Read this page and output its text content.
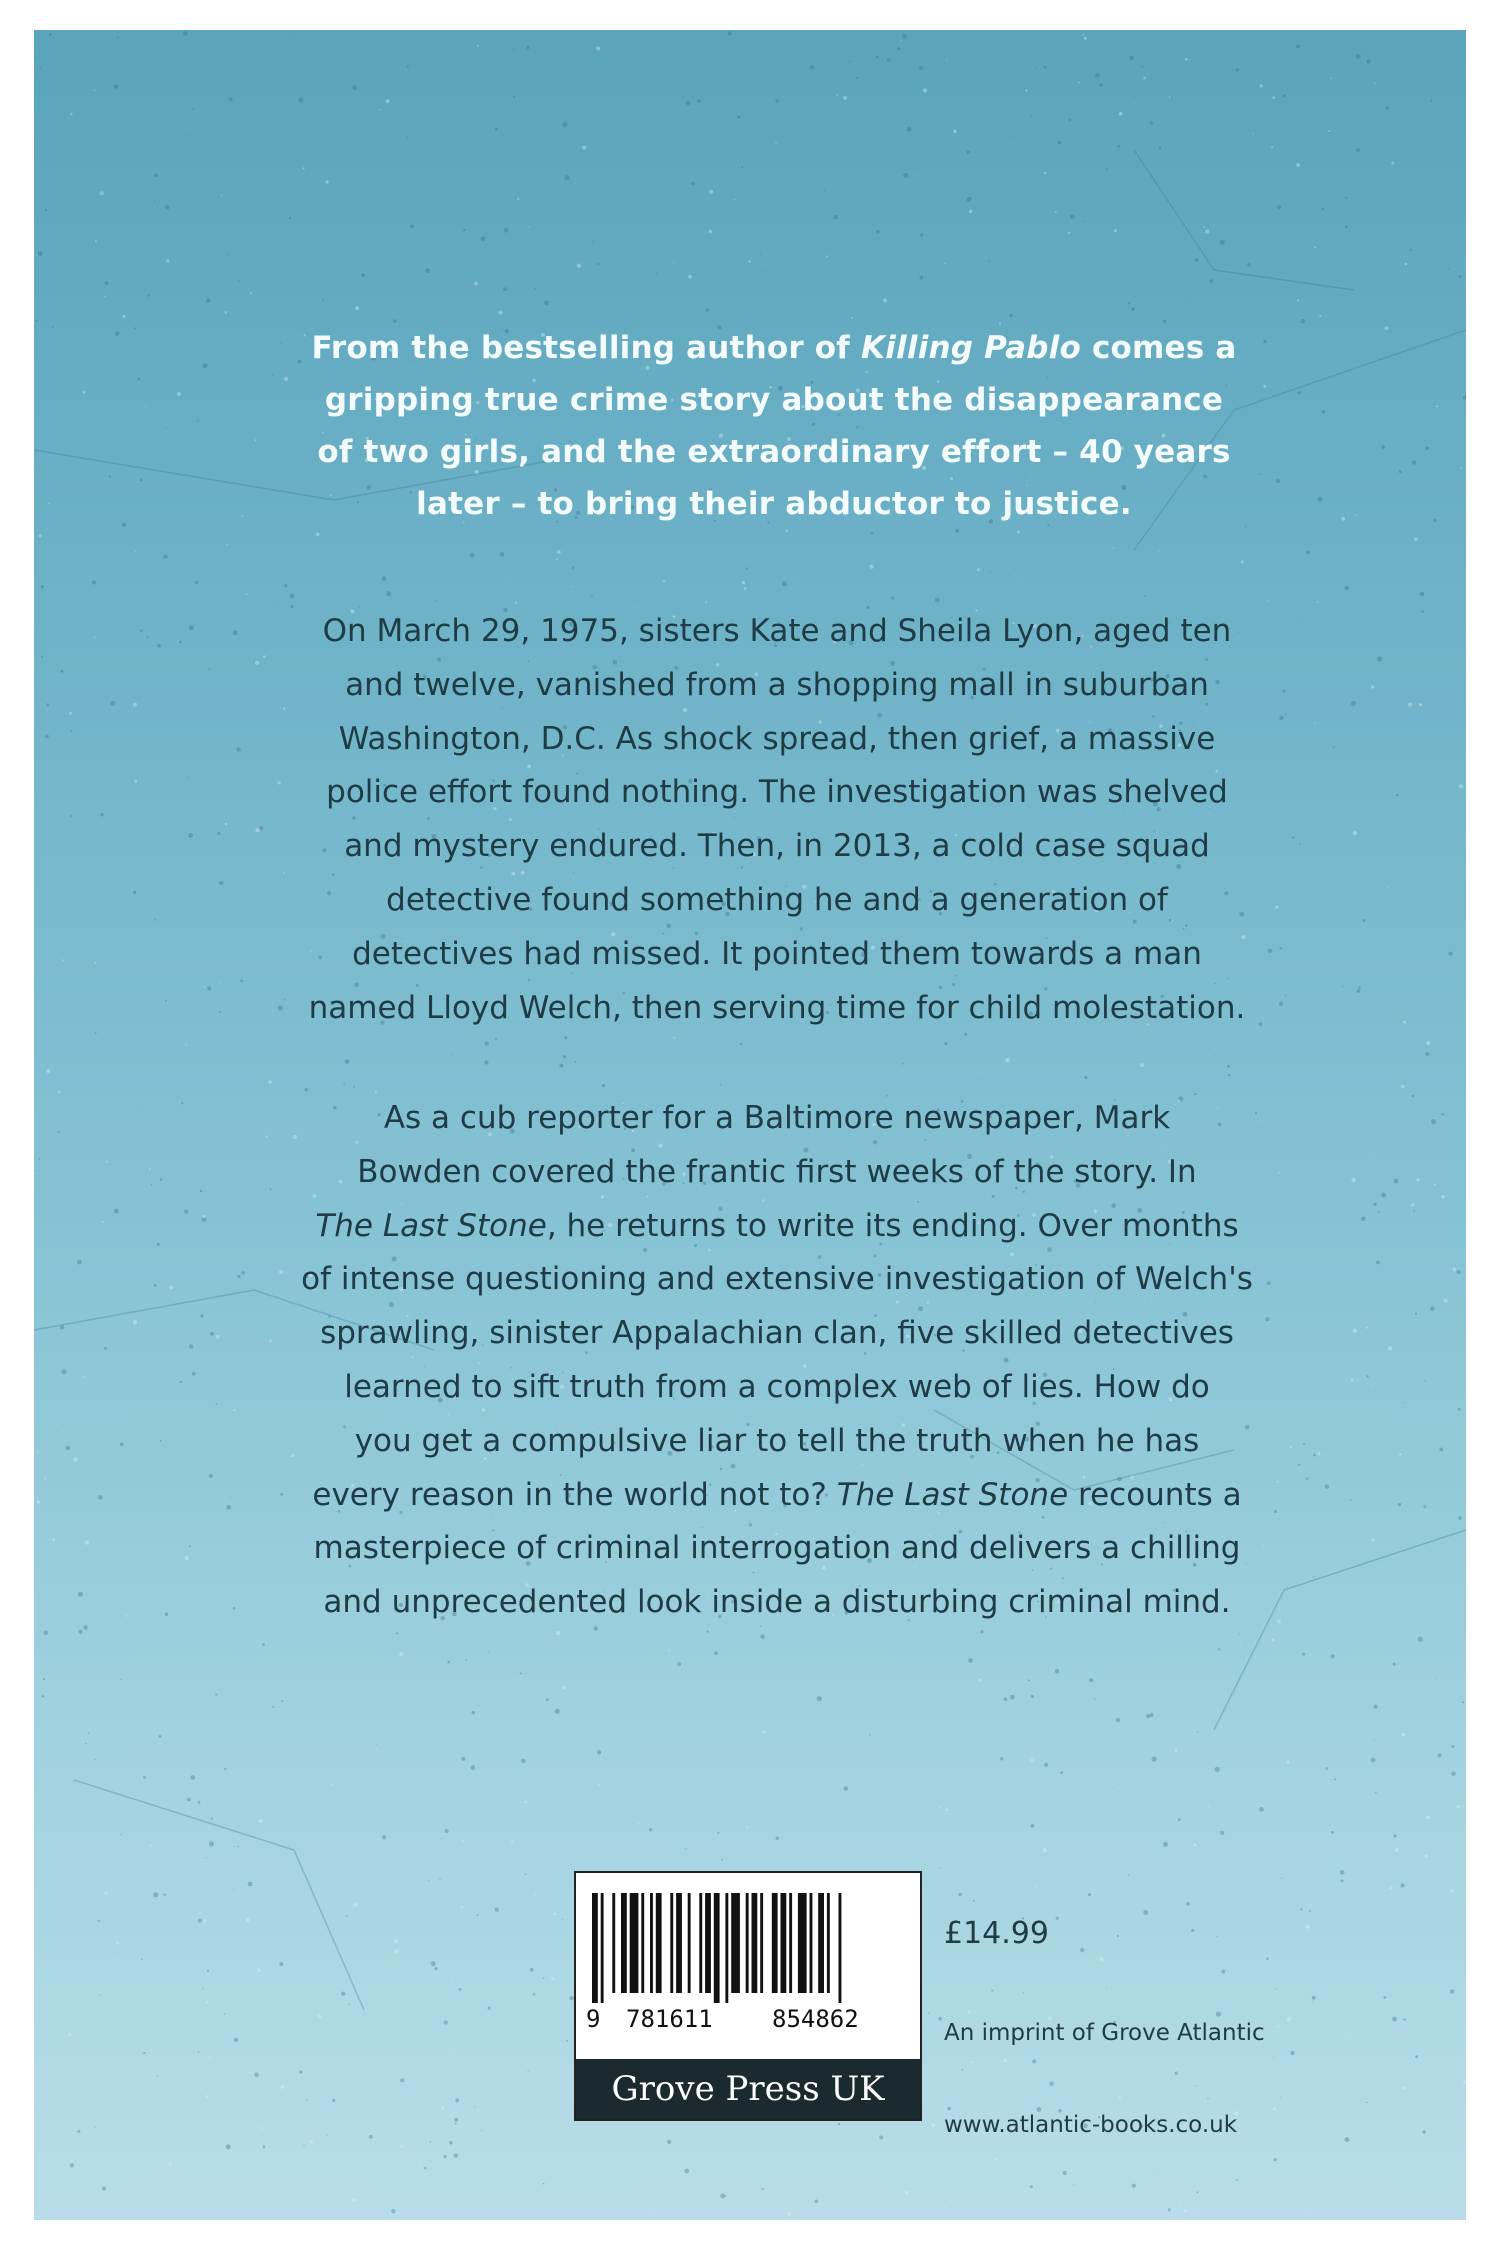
From the bestselling author of Killing Pablo comes a
gripping true crime story about the disappearance
of two girls, and the extraordinary effort – 40 years
later – to bring their abductor to justice.
On March 29, 1975, sisters Kate and Sheila Lyon, aged ten
and twelve, vanished from a shopping mall in suburban
Washington, D.C. As shock spread, then grief, a massive
police effort found nothing. The investigation was shelved
and mystery endured. Then, in 2013, a cold case squad
detective found something he and a generation of
detectives had missed. It pointed them towards a man
named Lloyd Welch, then serving time for child molestation.
As a cub reporter for a Baltimore newspaper, Mark
Bowden covered the frantic first weeks of the story. In
The Last Stone, he returns to write its ending. Over months
of intense questioning and extensive investigation of Welch's
sprawling, sinister Appalachian clan, five skilled detectives
learned to sift truth from a complex web of lies. How do
you get a compulsive liar to tell the truth when he has
every reason in the world not to? The Last Stone recounts a
masterpiece of criminal interrogation and delivers a chilling
and unprecedented look inside a disturbing criminal mind.
9 781611 854862
Grove Press UK
£14.99
An imprint of Grove Atlantic
www.atlantic-books.co.uk
